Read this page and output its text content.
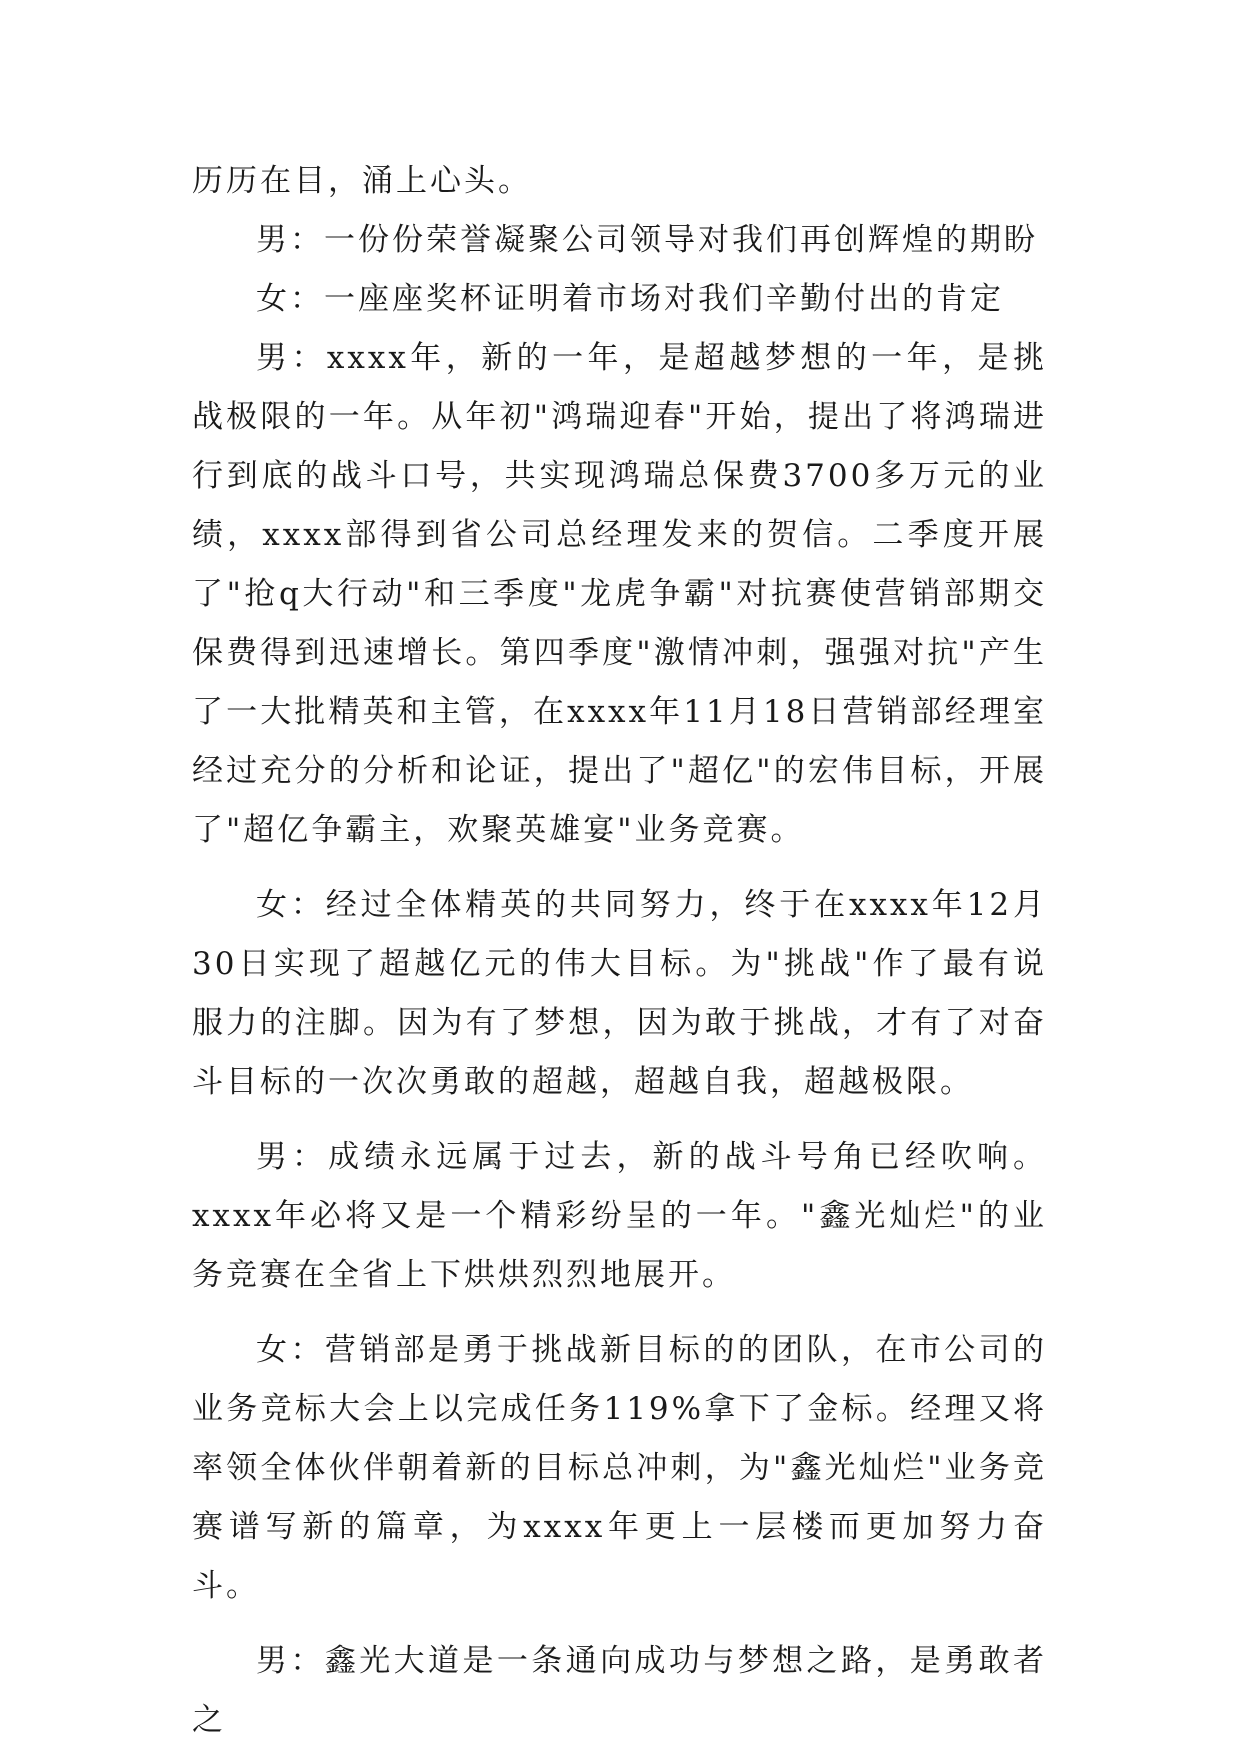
历历在目，涌上心头。

男：一份份荣誉凝聚公司领导对我们再创辉煌的期盼

女：一座座奖杯证明着市场对我们辛勤付出的肯定

男：xxxx年，新的一年，是超越梦想的一年，是挑战极限的一年。从年初"鸿瑞迎春"开始，提出了将鸿瑞进行到底的战斗口号，共实现鸿瑞总保费3700多万元的业绩，xxxx部得到省公司总经理发来的贺信。二季度开展了"抢q大行动"和三季度"龙虎争霸"对抗赛使营销部期交保费得到迅速增长。第四季度"激情冲刺，强强对抗"产生了一大批精英和主管，在xxxx年11月18日营销部经理室经过充分的分析和论证，提出了"超亿"的宏伟目标，开展了"超亿争霸主，欢聚英雄宴"业务竞赛。

女：经过全体精英的共同努力，终于在xxxx年12月30日实现了超越亿元的伟大目标。为"挑战"作了最有说服力的注脚。因为有了梦想，因为敢于挑战，才有了对奋斗目标的一次次勇敢的超越，超越自我，超越极限。

男：成绩永远属于过去，新的战斗号角已经吹响。xxxx年必将又是一个精彩纷呈的一年。"鑫光灿烂"的业务竞赛在全省上下烘烘烈烈地展开。

女：营销部是勇于挑战新目标的的团队，在市公司的业务竞标大会上以完成任务119%拿下了金标。经理又将率领全体伙伴朝着新的目标总冲刺，为"鑫光灿烂"业务竞赛谱写新的篇章，为xxxx年更上一层楼而更加努力奋斗。

男：鑫光大道是一条通向成功与梦想之路，是勇敢者之
